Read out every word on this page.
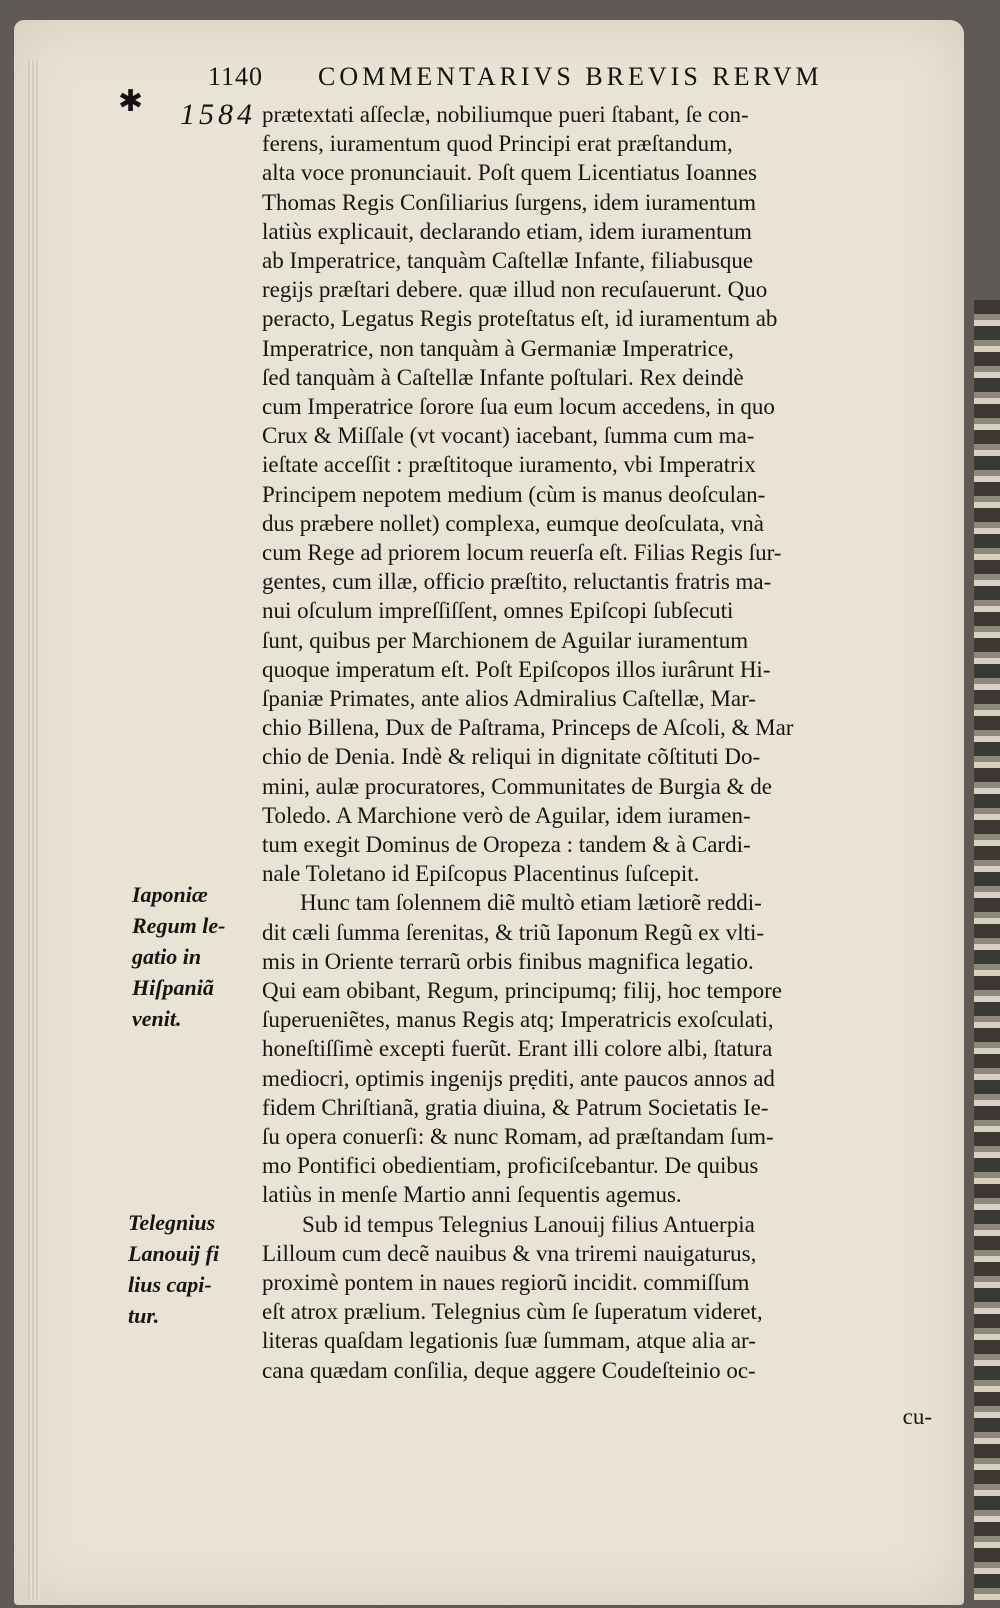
1140 COMMENTARIVS BREVIS RERVM
✱ 1584 prætextati aſſeclæ, nobiliumque pueri ſtabant, ſe con-
ferens, iuramentum quod Principi erat præſtandum,
alta voce pronunciauit. Poſt quem Licentiatus Ioannes
Thomas Regis Conſiliarius ſurgens, idem iuramentum
latiùs explicauit, declarando etiam, idem iuramentum
ab Imperatrice, tanquàm Caſtellæ Infante, filiabusque
regijs præſtari debere. quæ illud non recuſauerunt. Quo
peracto, Legatus Regis proteſtatus eſt, id iuramentum ab
Imperatrice, non tanquàm à Germaniæ Imperatrice,
ſed tanquàm à Caſtellæ Infante poſtulari. Rex deindè
cum Imperatrice ſorore ſua eum locum accedens, in quo
Crux & Miſſale (vt vocant) iacebant, ſumma cum ma-
ieſtate acceſſit : præſtitoque iuramento, vbi Imperatrix
Principem nepotem medium (cùm is manus deoſculan-
dus præbere nollet) complexa, eumque deoſculata, vnà
cum Rege ad priorem locum reuerſa eſt. Filias Regis ſur-
gentes, cum illæ, officio præſtito, reluctantis fratris ma-
nui oſculum impreſſiſſent, omnes Epiſcopi ſubſecuti
ſunt, quibus per Marchionem de Aguilar iuramentum
quoque imperatum eſt. Poſt Epiſcopos illos iurârunt Hi-
ſpaniæ Primates, ante alios Admiralius Caſtellæ, Mar-
chio Billena, Dux de Paſtrama, Princeps de Aſcoli, & Mar
chio de Denia. Indè & reliqui in dignitate cõſtituti Do-
mini, aulæ procuratores, Communitates de Burgia & de
Toledo. A Marchione verò de Aguilar, idem iuramen-
tum exegit Dominus de Oropeza : tandem & à Cardi-
nale Toletano id Epiſcopus Placentinus ſuſcepit.
Hunc tam ſolennem diẽ multò etiam lætiorẽ reddi-
dit cæli ſumma ſerenitas, & triũ Iaponum Regũ ex vlti-
mis in Oriente terrarũ orbis finibus magnifica legatio.
Qui eam obibant, Regum, principumq; filij, hoc tempore
ſuperueniẽtes, manus Regis atq; Imperatricis exoſculati,
honeſtiſſimè excepti fuerũt. Erant illi colore albi, ſtatura
mediocri, optimis ingenijs prẹditi, ante paucos annos ad
fidem Chriſtianã, gratia diuina, & Patrum Societatis Ie-
ſu opera conuerſi: & nunc Romam, ad præſtandam ſum-
mo Pontifici obedientiam, proficiſcebantur. De quibus
latiùs in menſe Martio anni ſequentis agemus.
Sub id tempus Telegnius Lanouij filius Antuerpia
Lilloum cum decẽ nauibus & vna triremi nauigaturus,
proximè pontem in naues regiorũ incidit. commiſſum
eſt atrox prælium. Telegnius cùm ſe ſuperatum videret,
literas quaſdam legationis ſuæ ſummam, atque alia ar-
cana quædam conſilia, deque aggere Coudeſteinio oc-
cu-
Iaponiæ
Regum le-
gatio in
Hiſpaniã
venit.
Telegnius
Lanouij fi
lius capi-
tur.
